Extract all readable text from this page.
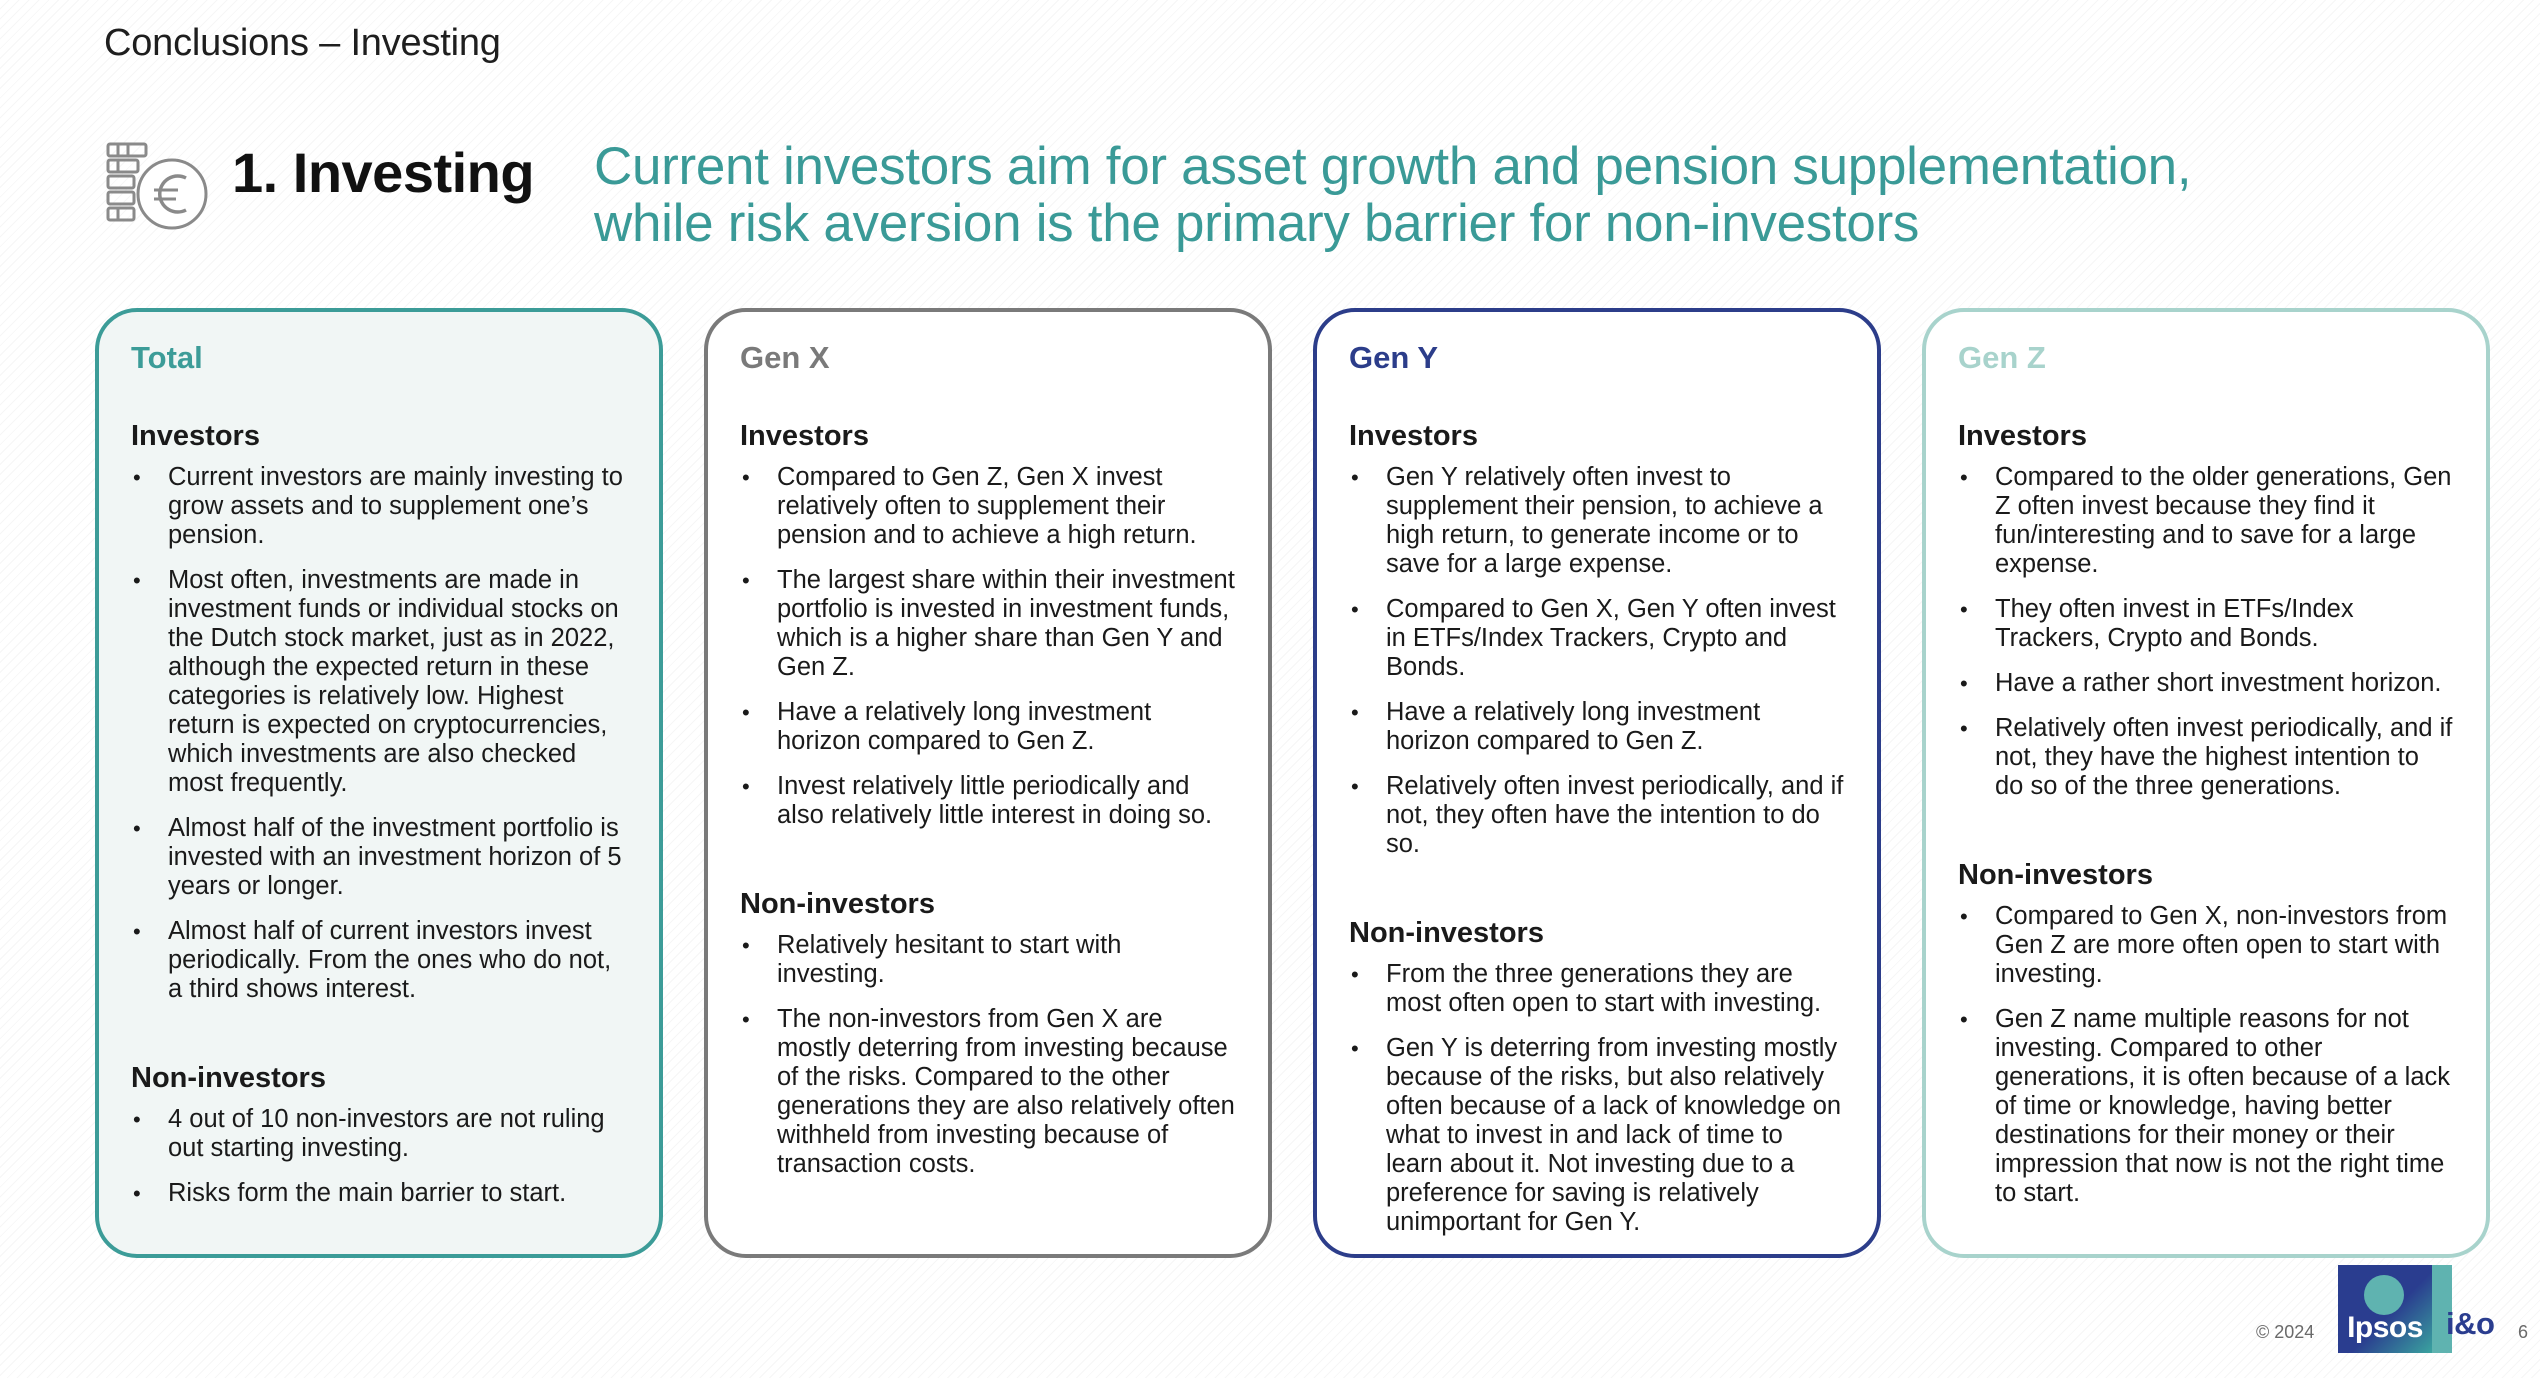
Conclusions – Investing
1. Investing Current investors aim for asset growth and pension supplementation, while risk aversion is the primary barrier for non-investors
Total
Investors
• Current investors are mainly investing to grow assets and to supplement one’s pension.
• Most often, investments are made in investment funds or individual stocks on the Dutch stock market, just as in 2022, although the expected return in these categories is relatively low. Highest return is expected on cryptocurrencies, which investments are also checked most frequently.
• Almost half of the investment portfolio is invested with an investment horizon of 5 years or longer.
• Almost half of current investors invest periodically. From the ones who do not, a third shows interest.
Non-investors
• 4 out of 10 non-investors are not ruling out starting investing.
• Risks form the main barrier to start.
Gen X
Investors
• Compared to Gen Z, Gen X invest relatively often to supplement their pension and to achieve a high return.
• The largest share within their investment portfolio is invested in investment funds, which is a higher share than Gen Y and Gen Z.
• Have a relatively long investment horizon compared to Gen Z.
• Invest relatively little periodically and also relatively little interest in doing so.
Non-investors
• Relatively hesitant to start with investing.
• The non-investors from Gen X are mostly deterring from investing because of the risks. Compared to the other generations they are also relatively often withheld from investing because of transaction costs.
Gen Y
Investors
• Gen Y relatively often invest to supplement their pension, to achieve a high return, to generate income or to save for a large expense.
• Compared to Gen X, Gen Y often invest in ETFs/Index Trackers, Crypto and Bonds.
• Have a relatively long investment horizon compared to Gen Z.
• Relatively often invest periodically, and if not, they often have the intention to do so.
Non-investors
• From the three generations they are most often open to start with investing.
• Gen Y is deterring from investing mostly because of the risks, but also relatively often because of a lack of knowledge on what to invest in and lack of time to learn about it. Not investing due to a preference for saving is relatively unimportant for Gen Y.
Gen Z
Investors
• Compared to the older generations, Gen Z often invest because they find it fun/interesting and to save for a large expense.
• They often invest in ETFs/Index Trackers, Crypto and Bonds.
• Have a rather short investment horizon.
• Relatively often invest periodically, and if not, they have the highest intention to do so of the three generations.
Non-investors
• Compared to Gen X, non-investors from Gen Z are more often open to start with investing.
• Gen Z name multiple reasons for not investing. Compared to other generations, it is often because of a lack of time or knowledge, having better destinations for their money or their impression that now is not the right time to start.
© 2024	Ipsos i&o 6
